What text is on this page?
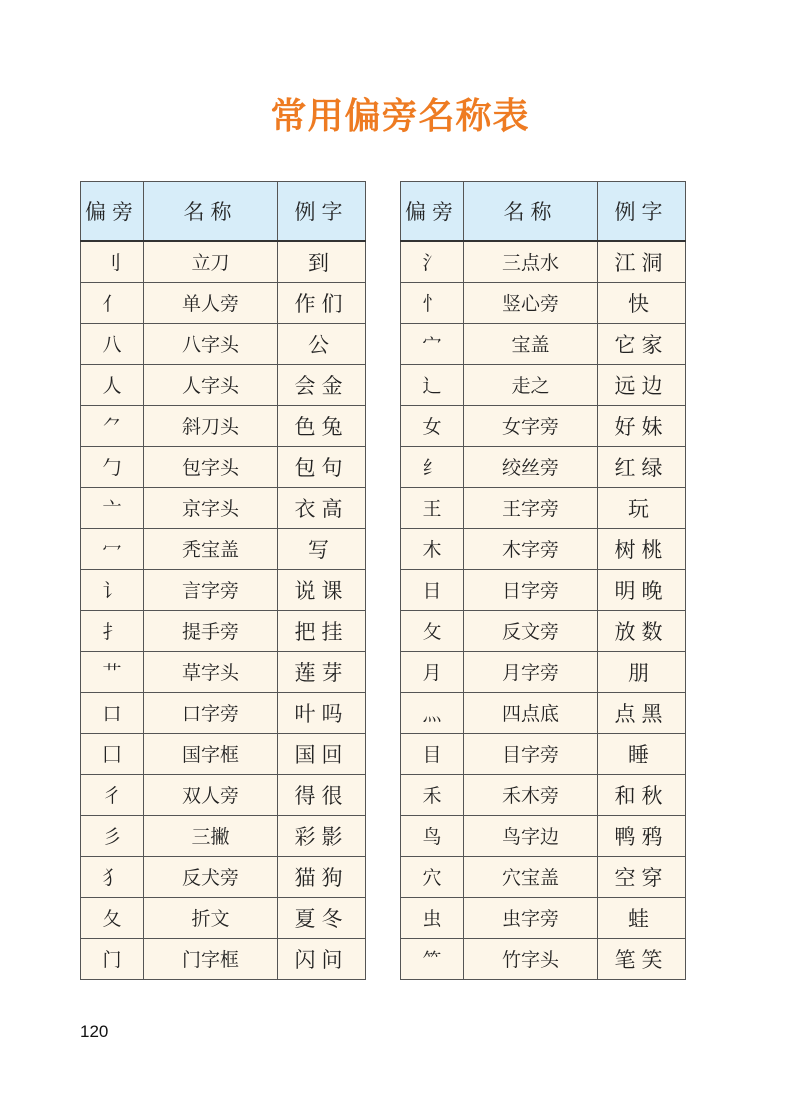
常用偏旁名称表
偏旁	名称	例字
刂	立刀	到
亻	单人旁	作们
八	八字头	公
人	人字头	会金
⺈	斜刀头	色兔
勹	包字头	包句
亠	京字头	衣高
冖	秃宝盖	写
讠	言字旁	说课
扌	提手旁	把挂
艹	草字头	莲芽
口	口字旁	叶吗
囗	国字框	国回
彳	双人旁	得很
彡	三撇	彩影
犭	反犬旁	猫狗
夂	折文	夏冬
门	门字框	闪问
偏旁	名称	例字
氵	三点水	江洞
忄	竖心旁	快
宀	宝盖	它家
辶	走之	远边
女	女字旁	好妹
纟	绞丝旁	红绿
王	王字旁	玩
木	木字旁	树桃
日	日字旁	明晚
攵	反文旁	放数
月	月字旁	朋
灬	四点底	点黑
目	目字旁	睡
禾	禾木旁	和秋
鸟	鸟字边	鸭鸦
穴	穴宝盖	空穿
虫	虫字旁	蛙
⺮	竹字头	笔笑
120
